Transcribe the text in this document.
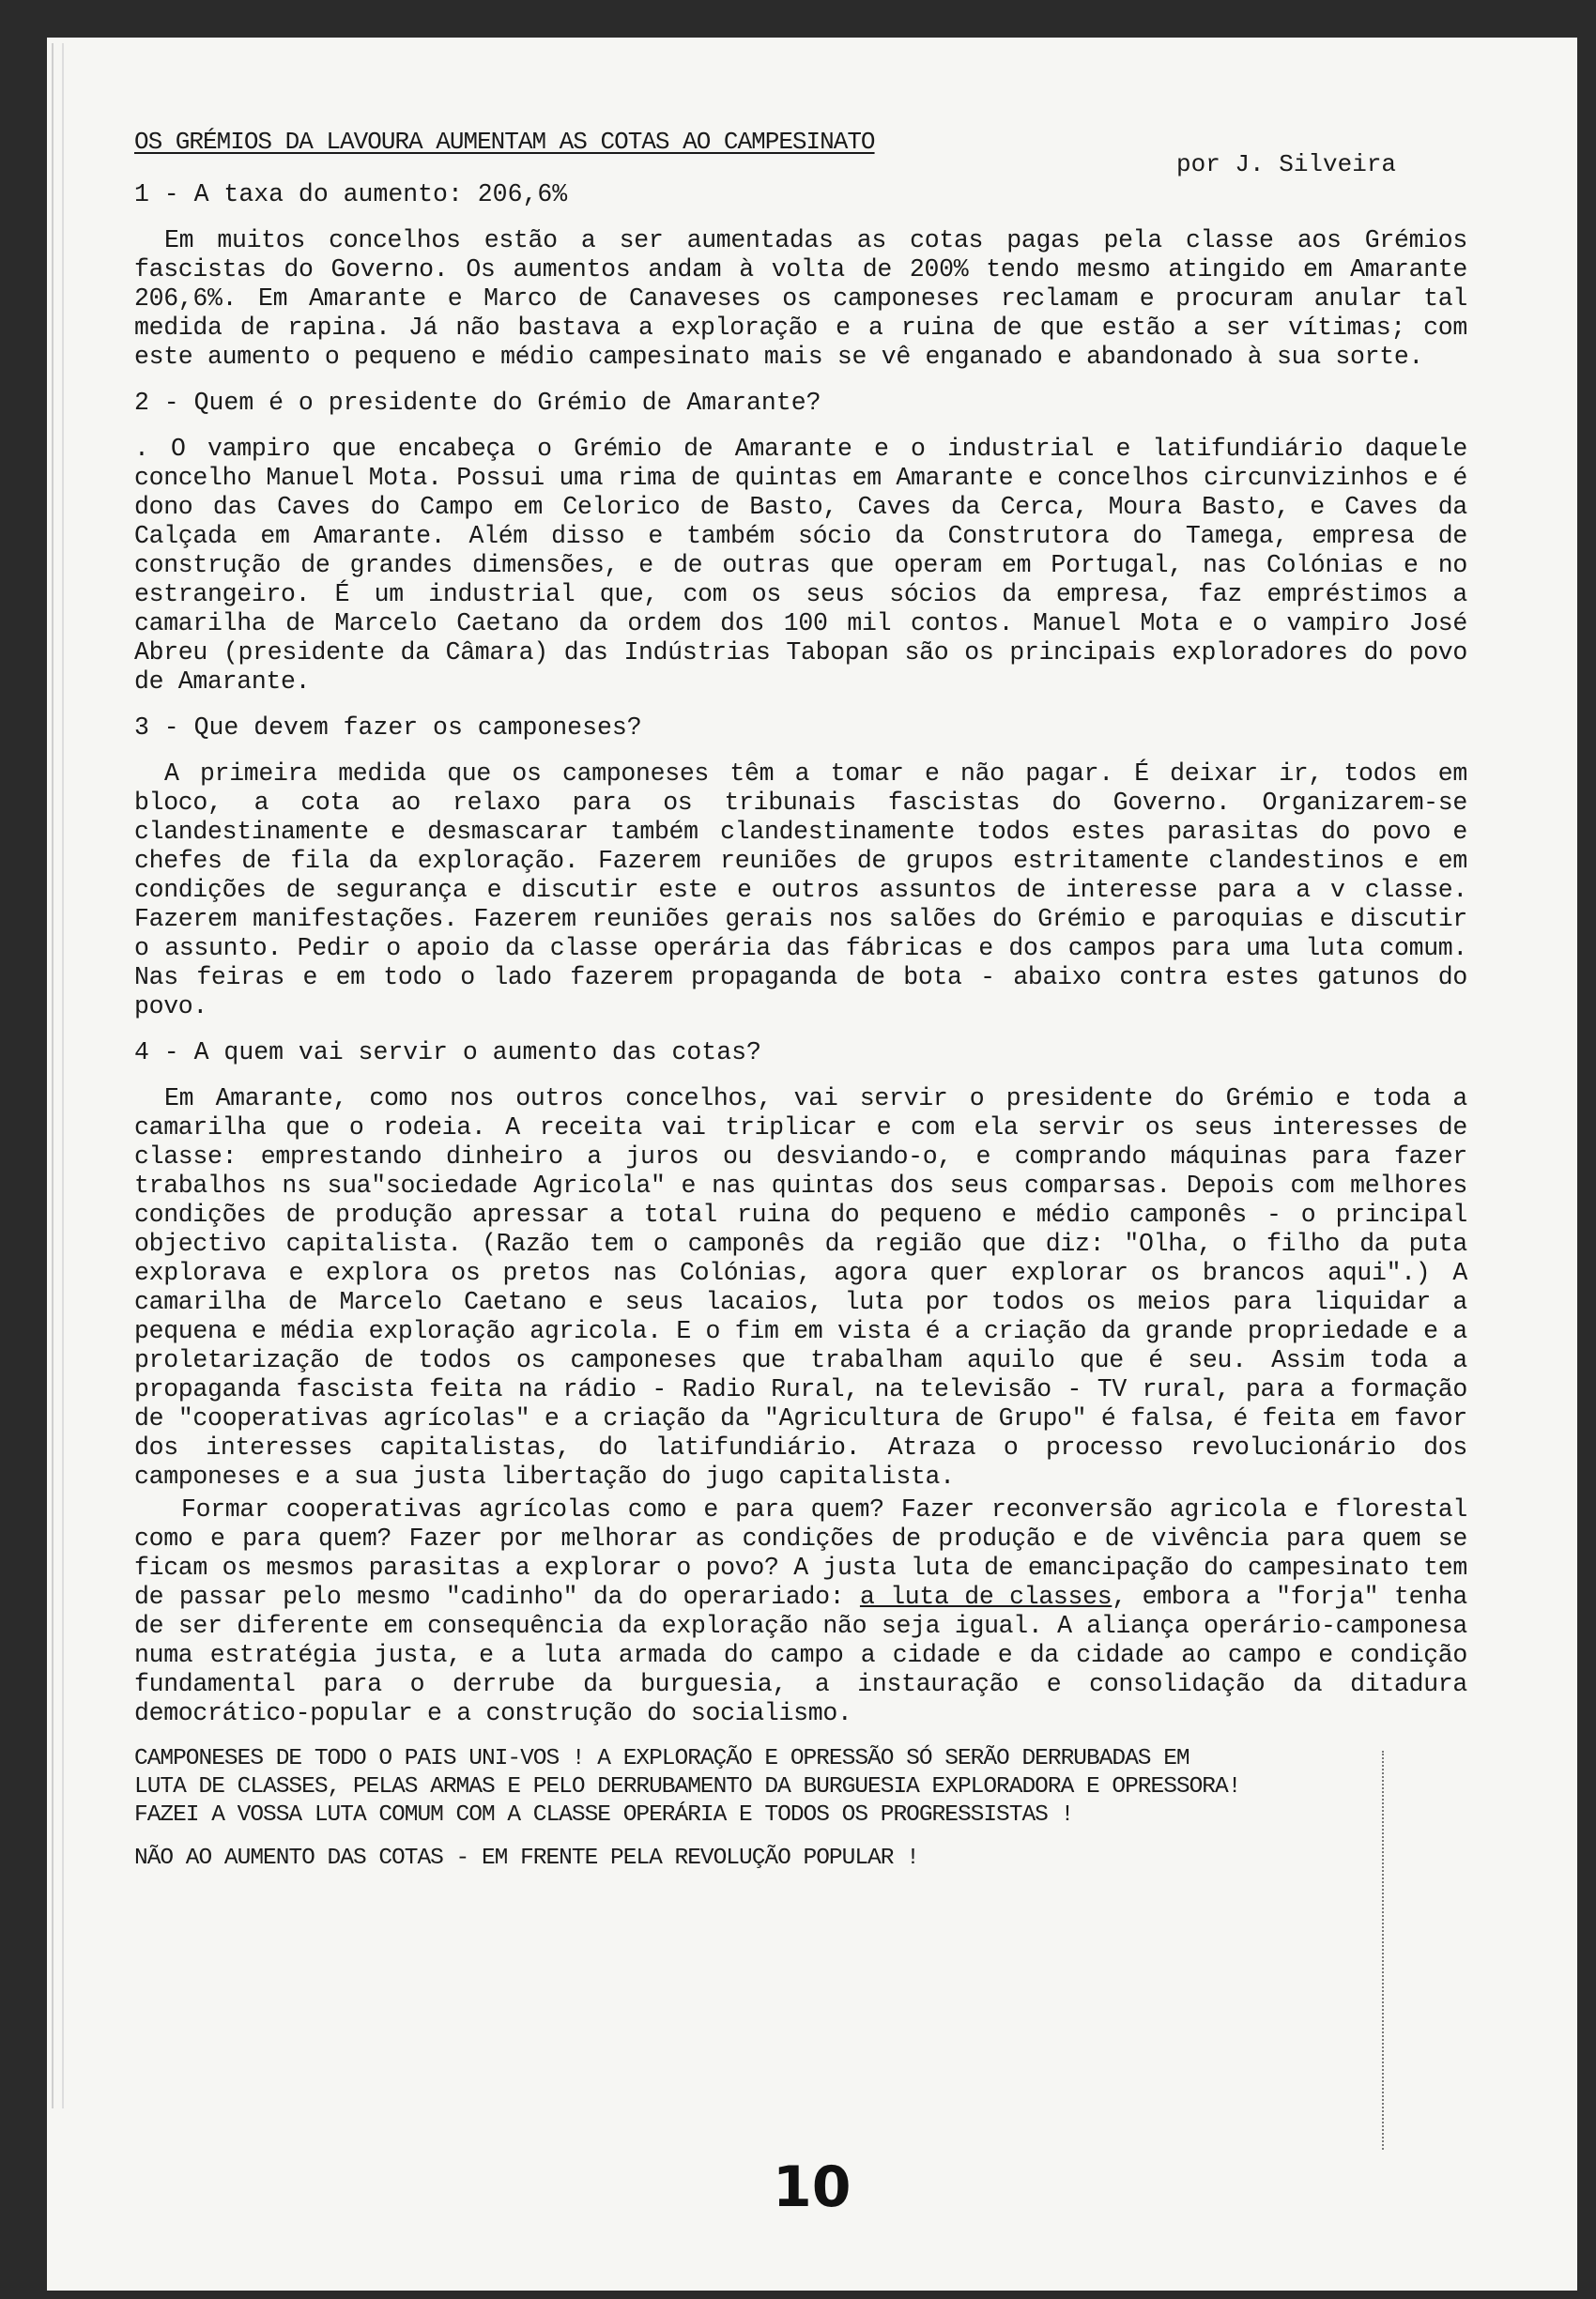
OS GRÉMIOS DA LAVOURA AUMENTAM AS COTAS AO CAMPESINATO
por J. Silveira
1 - A taxa do aumento: 206,6%

Em muitos concelhos estão a ser aumentadas as cotas pagas pela classe aos Grémios fascistas do Governo. Os aumentos andam à volta de 200% tendo mesmo atingido em Amarante 206,6%. Em Amarante e Marco de Canaveses os camponeses reclamam e procuram anular tal medida de rapina. Já não bastava a exploração e a ruina de que estão a ser vítimas; com este aumento o pequeno e médio campesinato mais se vê enganado e abandonado à sua sorte.

2 - Quem é o presidente do Grémio de Amarante?

. O vampiro que encabeça o Grémio de Amarante e o industrial e latifundiário daquele concelho Manuel Mota. Possui uma rima de quintas em Amarante e concelhos circunvizinhos e é dono das Caves do Campo em Celorico de Basto, Caves da Cerca, Moura Basto, e Caves da Calçada em Amarante. Além disso e também sócio da Construtora do Tamega, empresa de construção de grandes dimensões, e de outras que operam em Portugal, nas Colónias e no estrangeiro. É um industrial que, com os seus sócios da empresa, faz empréstimos a camarilha de Marcelo Caetano da ordem dos 100 mil contos. Manuel Mota e o vampiro José Abreu (presidente da Câmara) das Indústrias Tabopan são os principais exploradores do povo de Amarante.

3 - Que devem fazer os camponeses?

A primeira medida que os camponeses têm a tomar e não pagar. É deixar ir, todos em bloco, a cota ao relaxo para os tribunais fascistas do Governo. Organizarem-se clandestinamente e desmascarar também clandestinamente todos estes parasitas do povo e chefes de fila da exploração. Fazerem reuniões de grupos estritamente clandestinos e em condições de segurança e discutir este e outros assuntos de interesse para a v classe. Fazerem manifestações. Fazerem reuniões gerais nos salões do Grémio e paroquias e discutir o assunto. Pedir o apoio da classe operária das fábricas e dos campos para uma luta comum. Nas feiras e em todo o lado fazerem propaganda de bota - abaixo contra estes gatunos do povo.

4 - A quem vai servir o aumento das cotas?

Em Amarante, como nos outros concelhos, vai servir o presidente do Grémio e toda a camarilha que o rodeia. A receita vai triplicar e com ela servir os seus interesses de classe: emprestando dinheiro a juros ou desviando-o, e comprando máquinas para fazer trabalhos ns sua"sociedade Agricola" e nas quintas dos seus comparsas. Depois com melhores condições de produção apressar a total ruina do pequeno e médio camponês - o principal objectivo capitalista. (Razão tem o camponês da região que diz: "Olha, o filho da puta explorava e explora os pretos nas Colónias, agora quer explorar os brancos aqui".) A camarilha de Marcelo Caetano e seus lacaios, luta por todos os meios para liquidar a pequena e média exploração agricola. E o fim em vista é a criação da grande propriedade e a proletarização de todos os camponeses que trabalham aquilo que é seu. Assim toda a propaganda fascista feita na rádio - Radio Rural, na televisão - TV rural, para a formação de "cooperativas agrícolas" e a criação da "Agricultura de Grupo" é falsa, é feita em favor dos interesses capitalistas, do latifundiário. Atraza o processo revolucionário dos camponeses e a sua justa libertação do jugo capitalista.

Formar cooperativas agrícolas como e para quem? Fazer reconversão agricola e florestal como e para quem? Fazer por melhorar as condições de produção e de vivência para quem se ficam os mesmos parasitas a explorar o povo? A justa luta de emancipação do campesinato tem de passar pelo mesmo "cadinho" da do operariado: a luta de classes, embora a "forja" tenha de ser diferente em consequência da exploração não seja igual. A aliança operário-camponesa numa estratégia justa, e a luta armada do campo a cidade e da cidade ao campo e condição fundamental para o derrube da burguesia, a instauração e consolidação da ditadura democrático-popular e a construção do socialismo.

CAMPONESES DE TODO O PAIS UNI-VOS ! A EXPLORAÇÃO E OPRESSÃO SÓ SERÃO DERRUBADAS EM
LUTA DE CLASSES, PELAS ARMAS E PELO DERRUBAMENTO DA BURGUESIA EXPLORADORA E OPRESSORA!
FAZEI A VOSSA LUTA COMUM COM A CLASSE OPERÁRIA E TODOS OS PROGRESSISTAS !
NÃO AO AUMENTO DAS COTAS - EM FRENTE PELA REVOLUÇÃO POPULAR !
10
